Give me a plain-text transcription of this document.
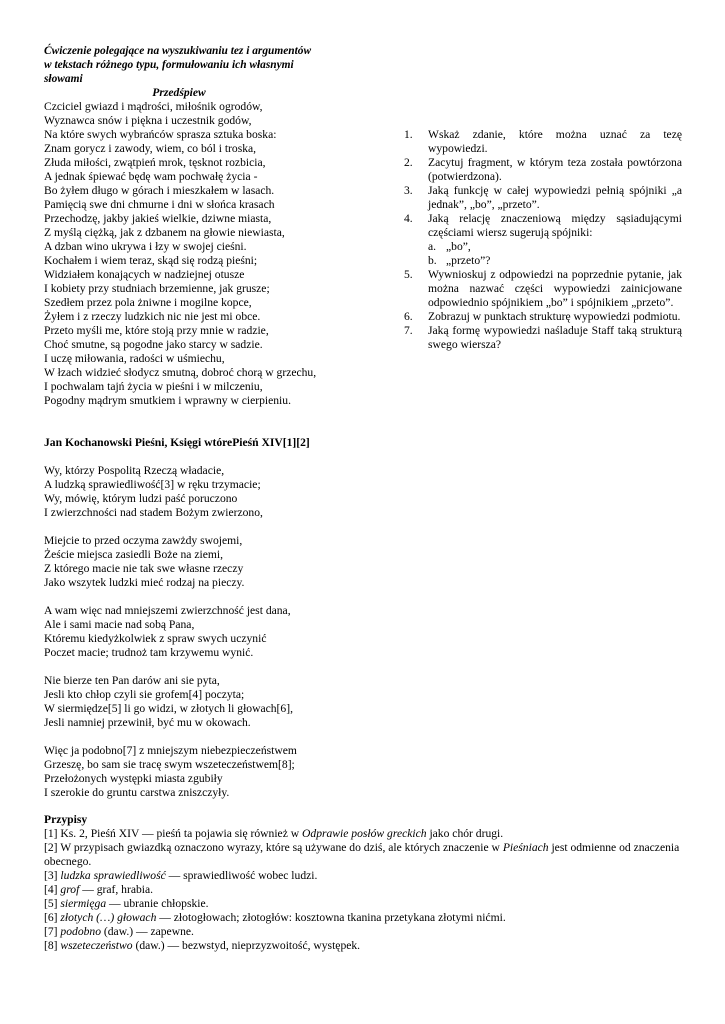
Ćwiczenie polegające na wyszukiwaniu tez i argumentów
w tekstach różnego typu, formułowaniu ich własnymi
słowami
Przedśpiew
Czciciel gwiazd i mądrości, miłośnik ogrodów,
Wyznawca snów i piękna i uczestnik godów,
Na które swych wybrańców sprasza sztuka boska:
Znam gorycz i zawody, wiem, co ból i troska,
Złuda miłości, zwątpień mrok, tęsknot rozbicia,
A jednak śpiewać będę wam pochwałę życia -
Bo żyłem długo w górach i mieszkałem w lasach.
Pamięcią swe dni chmurne i dni w słońca krasach
Przechodzę, jakby jakieś wielkie, dziwne miasta,
Z myślą ciężką, jak z dzbanem na głowie niewiasta,
A dzban wino ukrywa i łzy w swojej cieśni.
Kochałem i wiem teraz, skąd się rodzą pieśni;
Widziałem konających w nadziejnej otusze
I kobiety przy studniach brzemienne, jak grusze;
Szedłem przez pola żniwne i mogilne kopce,
Żyłem i z rzeczy ludzkich nic nie jest mi obce.
Przeto myśli me, które stoją przy mnie w radzie,
Choć smutne, są pogodne jako starcy w sadzie.
I uczę miłowania, radości w uśmiechu,
W łzach widzieć słodycz smutną, dobroć chorą w grzechu,
I pochwalam tajń życia w pieśni i w milczeniu,
Pogodny mądrym smutkiem i wprawny w cierpieniu.
1. Wskaż zdanie, które można uznać za tezę wypowiedzi.
2. Zacytuj fragment, w którym teza została powtórzona (potwierdzona).
3. Jaką funkcję w całej wypowiedzi pełnią spójniki „a jednak”, „bo”, „przeto”.
4. Jaką relację znaczeniową między sąsiadującymi częściami wiersz sugerują spójniki:
a. „bo”,
b. „przeto”?
5. Wywnioskuj z odpowiedzi na poprzednie pytanie, jak można nazwać części wypowiedzi zainicjowane odpowiednio spójnikiem „bo” i spójnikiem „przeto”.
6. Zobrazuj w punktach strukturę wypowiedzi podmiotu.
7. Jaką formę wypowiedzi naśladuje Staff taką strukturą swego wiersza?
Jan Kochanowski Pieśni, Księgi wtórePieśń XIV[1][2]
Wy, którzy Pospolitą Rzeczą władacie,
A ludzką sprawiedliwość[3] w ręku trzymacie;
Wy, mówię, którym ludzi paść poruczono
I zwierzchności nad stadem Bożym zwierzono,
Miejcie to przed oczyma zawżdy swojemi,
Żeście miejsca zasiedli Boże na ziemi,
Z którego macie nie tak swe własne rzeczy
Jako wszytek ludzki mieć rodzaj na pieczy.
A wam więc nad mniejszemi zwierzchność jest dana,
Ale i sami macie nad sobą Pana,
Któremu kiedyżkolwiek z spraw swych uczynić
Poczet macie; trudnoż tam krzywemu wynić.
Nie bierze ten Pan darów ani sie pyta,
Jesli kto chłop czyli sie grofem[4] poczyta;
W siermiędze[5] li go widzi, w złotych li głowach[6],
Jesli namniej przewinił, być mu w okowach.
Więc ja podobno[7] z mniejszym niebezpieczeństwem
Grzeszę, bo sam sie tracę swym wszeteczeństwem[8];
Przełożonych występki miasta zgubiły
I szerokie do gruntu carstwa zniszczyły.
Przypisy
[1] Ks. 2, Pieśń XIV — pieśń ta pojawia się również w Odprawie posłów greckich jako chór drugi.
[2] W przypisach gwiazdką oznaczono wyrazy, które są używane do dziś, ale których znaczenie w Pieśniach jest odmienne od znaczenia obecnego.
[3] ludzka sprawiedliwość — sprawiedliwość wobec ludzi.
[4] grof — graf, hrabia.
[5] siermięga — ubranie chłopskie.
[6] złotych (…) głowach — złotogłowach; złotogłów: kosztowna tkanina przetykana złotymi nićmi.
[7] podobno (daw.) — zapewne.
[8] wszeteczeństwo (daw.) — bezwstyd, nieprzyzwoitość, występek.
